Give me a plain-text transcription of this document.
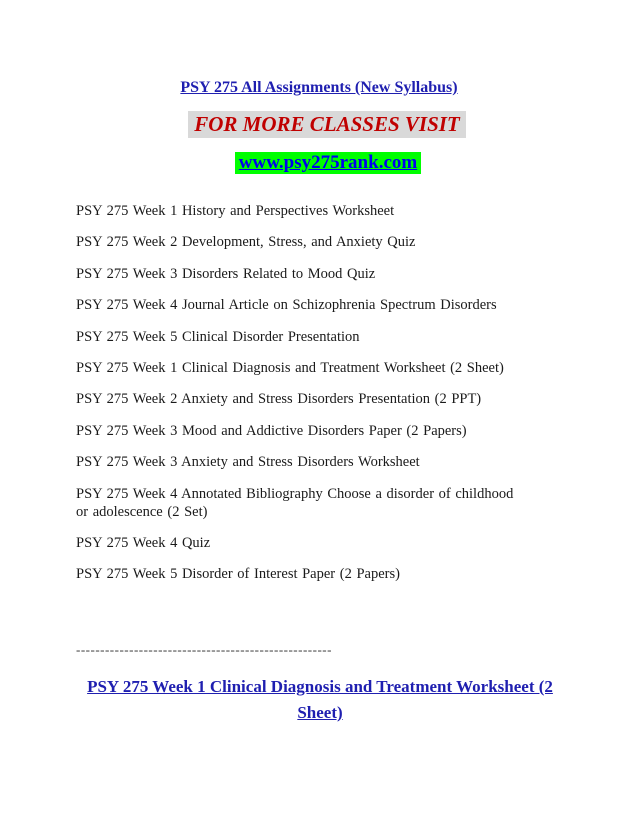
PSY 275 All Assignments (New Syllabus)
FOR MORE CLASSES VISIT
www.psy275rank.com
PSY 275 Week 1 History and Perspectives Worksheet
PSY 275 Week 2 Development, Stress, and Anxiety Quiz
PSY 275 Week 3 Disorders Related to Mood Quiz
PSY 275 Week 4 Journal Article on Schizophrenia Spectrum Disorders
PSY 275 Week 5 Clinical Disorder Presentation
PSY 275 Week 1 Clinical Diagnosis and Treatment Worksheet (2 Sheet)
PSY 275 Week 2 Anxiety and Stress Disorders Presentation (2 PPT)
PSY 275 Week 3 Mood and Addictive Disorders Paper (2 Papers)
PSY 275 Week 3 Anxiety and Stress Disorders Worksheet
PSY 275 Week 4 Annotated Bibliography Choose a disorder of childhood or adolescence (2 Set)
PSY 275 Week 4 Quiz
PSY 275 Week 5 Disorder of Interest Paper (2 Papers)
-----------------------------------------------------
PSY 275 Week 1 Clinical Diagnosis and Treatment Worksheet (2 Sheet)
